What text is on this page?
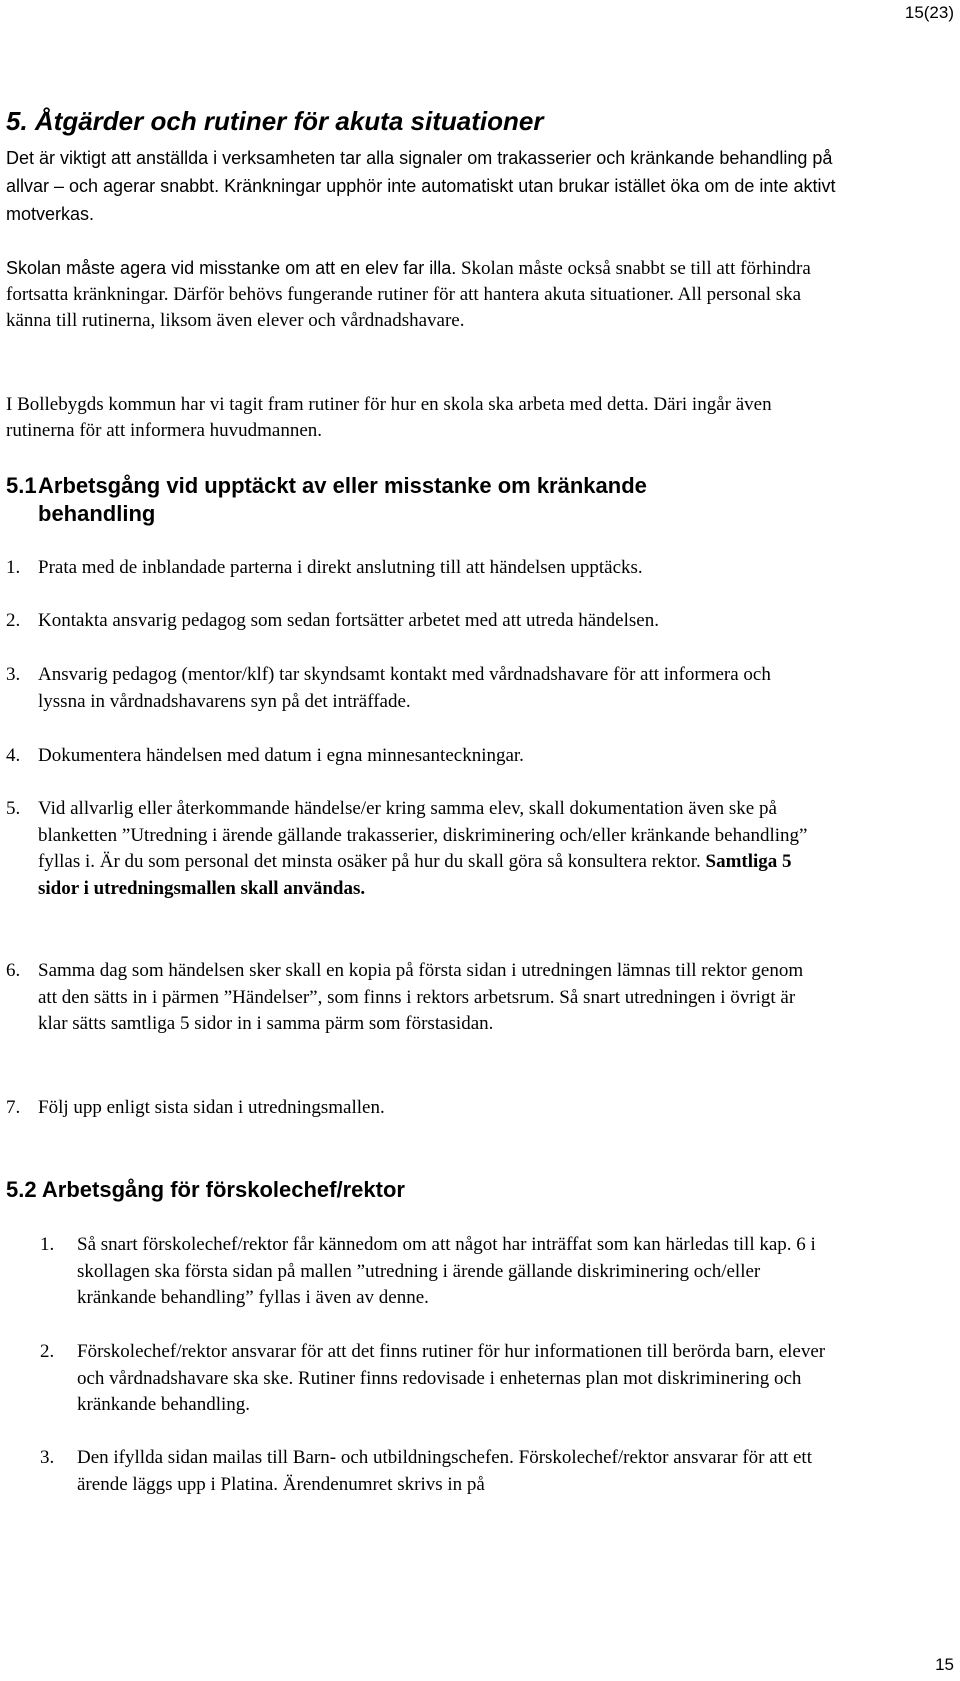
15(23)
5. Åtgärder och rutiner för akuta situationer

Det är viktigt att anställda i verksamheten tar alla signaler om trakasserier och kränkande behandling på allvar – och agerar snabbt. Kränkningar upphör inte automatiskt utan brukar istället öka om de inte aktivt motverkas.

Skolan måste agera vid misstanke om att en elev far illa. Skolan måste också snabbt se till att förhindra fortsatta kränkningar. Därför behövs fungerande rutiner för att hantera akuta situationer. All personal ska känna till rutinerna, liksom även elever och vårdnadshavare.

I Bollebygds kommun har vi tagit fram rutiner för hur en skola ska arbeta med detta. Däri ingår även rutinerna för att informera huvudmannen.

5.1Arbetsgång vid upptäckt av eller misstanke om kränkande
behandling
1. Prata med de inblandade parterna i direkt anslutning till att händelsen upptäcks.
2. Kontakta ansvarig pedagog som sedan fortsätter arbetet med att utreda händelsen.
3. Ansvarig pedagog (mentor/klf) tar skyndsamt kontakt med vårdnadshavare för att informera och lyssna in vårdnadshavarens syn på det inträffade.
4. Dokumentera händelsen med datum i egna minnesanteckningar.
5. Vid allvarlig eller återkommande händelse/er kring samma elev, skall dokumentation även ske på blanketten ”Utredning i ärende gällande trakasserier, diskriminering och/eller kränkande behandling” fyllas i. Är du som personal det minsta osäker på hur du skall göra så konsultera rektor. Samtliga 5 sidor i utredningsmallen skall användas.
6. Samma dag som händelsen sker skall en kopia på första sidan i utredningen lämnas till rektor genom att den sätts in i pärmen ”Händelser”, som finns i rektors arbetsrum. Så snart utredningen i övrigt är klar sätts samtliga 5 sidor in i samma pärm som förstasidan.
7. Följ upp enligt sista sidan i utredningsmallen.
5.2 Arbetsgång för förskolechef/rektor
1. Så snart förskolechef/rektor får kännedom om att något har inträffat som kan härledas till kap. 6 i skollagen ska första sidan på mallen ”utredning i ärende gällande diskriminering och/eller kränkande behandling” fyllas i även av denne.
2. Förskolechef/rektor ansvarar för att det finns rutiner för hur informationen till berörda barn, elever och vårdnadshavare ska ske. Rutiner finns redovisade i enheternas plan mot diskriminering och kränkande behandling.
3. Den ifyllda sidan mailas till Barn- och utbildningschefen. Förskolechef/rektor ansvarar för att ett ärende läggs upp i Platina. Ärendenumret skrivs in på
15
